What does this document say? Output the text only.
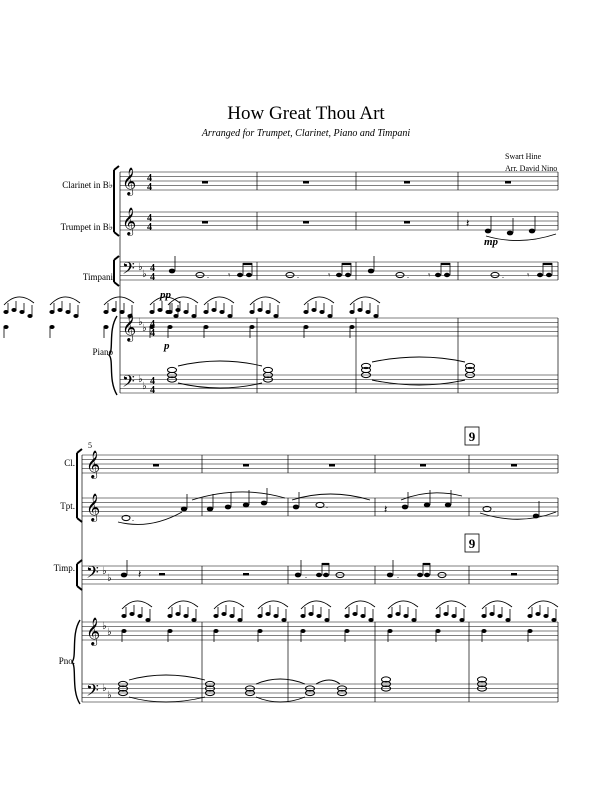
How Great Thou Art
Arranged for Trumpet, Clarinet, Piano and Timpani
Swart Hine
Arr. David Nino
Clarinet in B♭
Trumpet in B♭
Timpani
Piano
𝄞
𝄞
𝄢
𝄞
𝄢
♭
♭
♭
♭
♭
♭
4
4
4
4
4
4
4
4
4
4
𝄽
mp
. 𝄾	.	𝄾	. 𝄾	.	𝄾
pp
p
5
Cl.
Tpt.
Timp.
Pno.
𝄞
𝄞
𝄢
𝄞
𝄢
♭
♭
♭
♭
♭
♭
9
9
.
.	𝄽	.
𝄽	.	.
